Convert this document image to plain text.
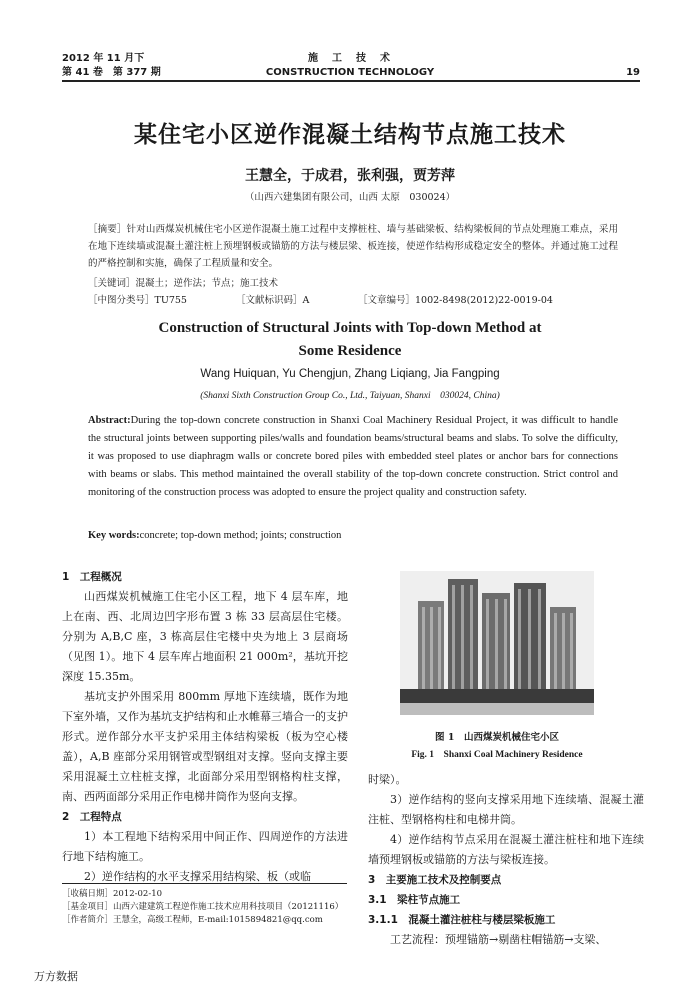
2012 年 11 月下
第 41 卷　第 377 期
施　工　技　术
CONSTRUCTION TECHNOLOGY	19
某住宅小区逆作混凝土结构节点施工技术
王慧全，于成君，张利强，贾芳萍
（山西六建集团有限公司，山西 太原　030024）
［摘要］针对山西煤炭机械住宅小区逆作混凝土施工过程中支撑桩柱、墙与基础梁板、结构梁板间的节点处理施工难点，采用在地下连续墙或混凝土灌注桩上预埋钢板或锚筋的方法与楼层梁、板连接，使逆作结构形成稳定安全的整体。并通过施工过程的严格控制和实施，确保了工程质量和安全。
［关键词］混凝土；逆作法；节点；施工技术
［中图分类号］TU755	［文献标识码］A	［文章编号］1002-8498(2012)22-0019-04
Construction of Structural Joints with Top-down Method at
Some Residence
Wang Huiquan, Yu Chengjun, Zhang Liqiang, Jia Fangping
(Shanxi Sixth Construction Group Co., Ltd., Taiyuan, Shanxi　030024, China)
Abstract:During the top-down concrete construction in Shanxi Coal Machinery Residual Project, it was difficult to handle the structural joints between supporting piles/walls and foundation beams/structural beams and slabs. To solve the difficulty, it was proposed to use diaphragm walls or concrete bored piles with embedded steel plates or anchor bars for connections with beams or slabs. This method maintained the overall stability of the top-down concrete construction. Strict control and monitoring of the construction process was adopted to ensure the project quality and construction safety.
Key words:concrete; top-down method; joints; construction

1　工程概况

山西煤炭机械施工住宅小区工程，地下 4 层车库，地上在南、西、北周边凹字形布置 3 栋 33 层高层住宅楼。分别为 A,B,C 座，3 栋高层住宅楼中央为地上 3 层商场（见图 1）。地下 4 层车库占地面积 21 000m²，基坑开挖深度 15.35m。

基坑支护外围采用 800mm 厚地下连续墙，既作为地下室外墙，又作为基坑支护结构和止水帷幕三墙合一的支护形式。逆作部分水平支护采用主体结构梁板（板为空心楼盖），A,B 座部分采用钢管或型钢组对支撑。竖向支撑主要采用混凝土立柱桩支撑，北面部分采用型钢格构柱支撑，南、西两面部分采用正作电梯井筒作为竖向支撑。

2　工程特点

1）本工程地下结构采用中间正作、四周逆作的方法进行地下结构施工。

2）逆作结构的水平支撑采用结构梁、板（或临

图 1　山西煤炭机械住宅小区
Fig. 1　Shanxi Coal Machinery Residence

时梁）。

3）逆作结构的竖向支撑采用地下连续墙、混凝土灌注桩、型钢格构柱和电梯井筒。

4）逆作结构节点采用在混凝土灌注桩柱和地下连续墙预埋钢板或锚筋的方法与梁板连接。

3　主要施工技术及控制要点

3.1　梁柱节点施工

3.1.1　混凝土灌注桩柱与楼层梁板施工

工艺流程：预埋锚筋→剔凿柱帽锚筋→支梁、

［收稿日期］2012-02-10
［基金项目］山西六建建筑工程逆作施工技术应用科技项目（20121116）
［作者简介］王慧全，高级工程师，E-mail:1015894821@qq.com
万方数据
